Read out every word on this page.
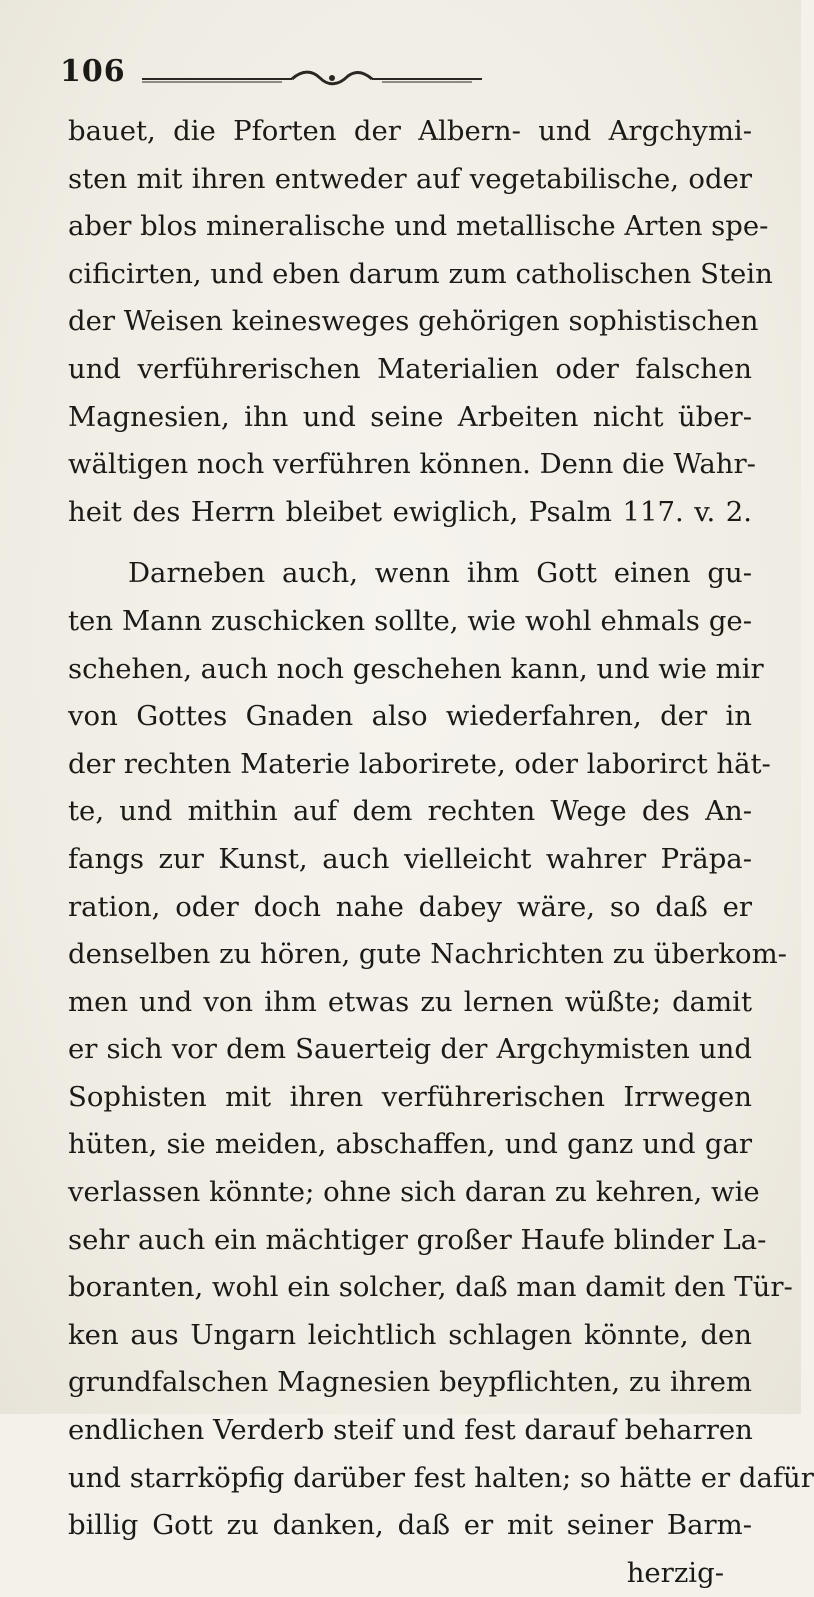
106
bauet, die Pforten der Albern- und Argchymi-
sten mit ihren entweder auf vegetabilische, oder
aber blos mineralische und metallische Arten spe-
cificirten, und eben darum zum catholischen Stein
der Weisen keinesweges gehörigen sophistischen
und verführerischen Materialien oder falschen
Magnesien, ihn und seine Arbeiten nicht über-
wältigen noch verführen können. Denn die Wahr-
heit des Herrn bleibet ewiglich, Psalm 117. v. 2.
Darneben auch, wenn ihm Gott einen gu-
ten Mann zuschicken sollte, wie wohl ehmals ge-
schehen, auch noch geschehen kann, und wie mir
von Gottes Gnaden also wiederfahren, der in
der rechten Materie laborirete, oder laborirct hät-
te, und mithin auf dem rechten Wege des An-
fangs zur Kunst, auch vielleicht wahrer Präpa-
ration, oder doch nahe dabey wäre, so daß er
denselben zu hören, gute Nachrichten zu überkom-
men und von ihm etwas zu lernen wüßte; damit
er sich vor dem Sauerteig der Argchymisten und
Sophisten mit ihren verführerischen Irrwegen
hüten, sie meiden, abschaffen, und ganz und gar
verlassen könnte; ohne sich daran zu kehren, wie
sehr auch ein mächtiger großer Haufe blinder La-
boranten, wohl ein solcher, daß man damit den Tür-
ken aus Ungarn leichtlich schlagen könnte, den
grundfalschen Magnesien beypflichten, zu ihrem
endlichen Verderb steif und fest darauf beharren
und starrköpfig darüber fest halten; so hätte er dafür
billig Gott zu danken, daß er mit seiner Barm-
herzig-
